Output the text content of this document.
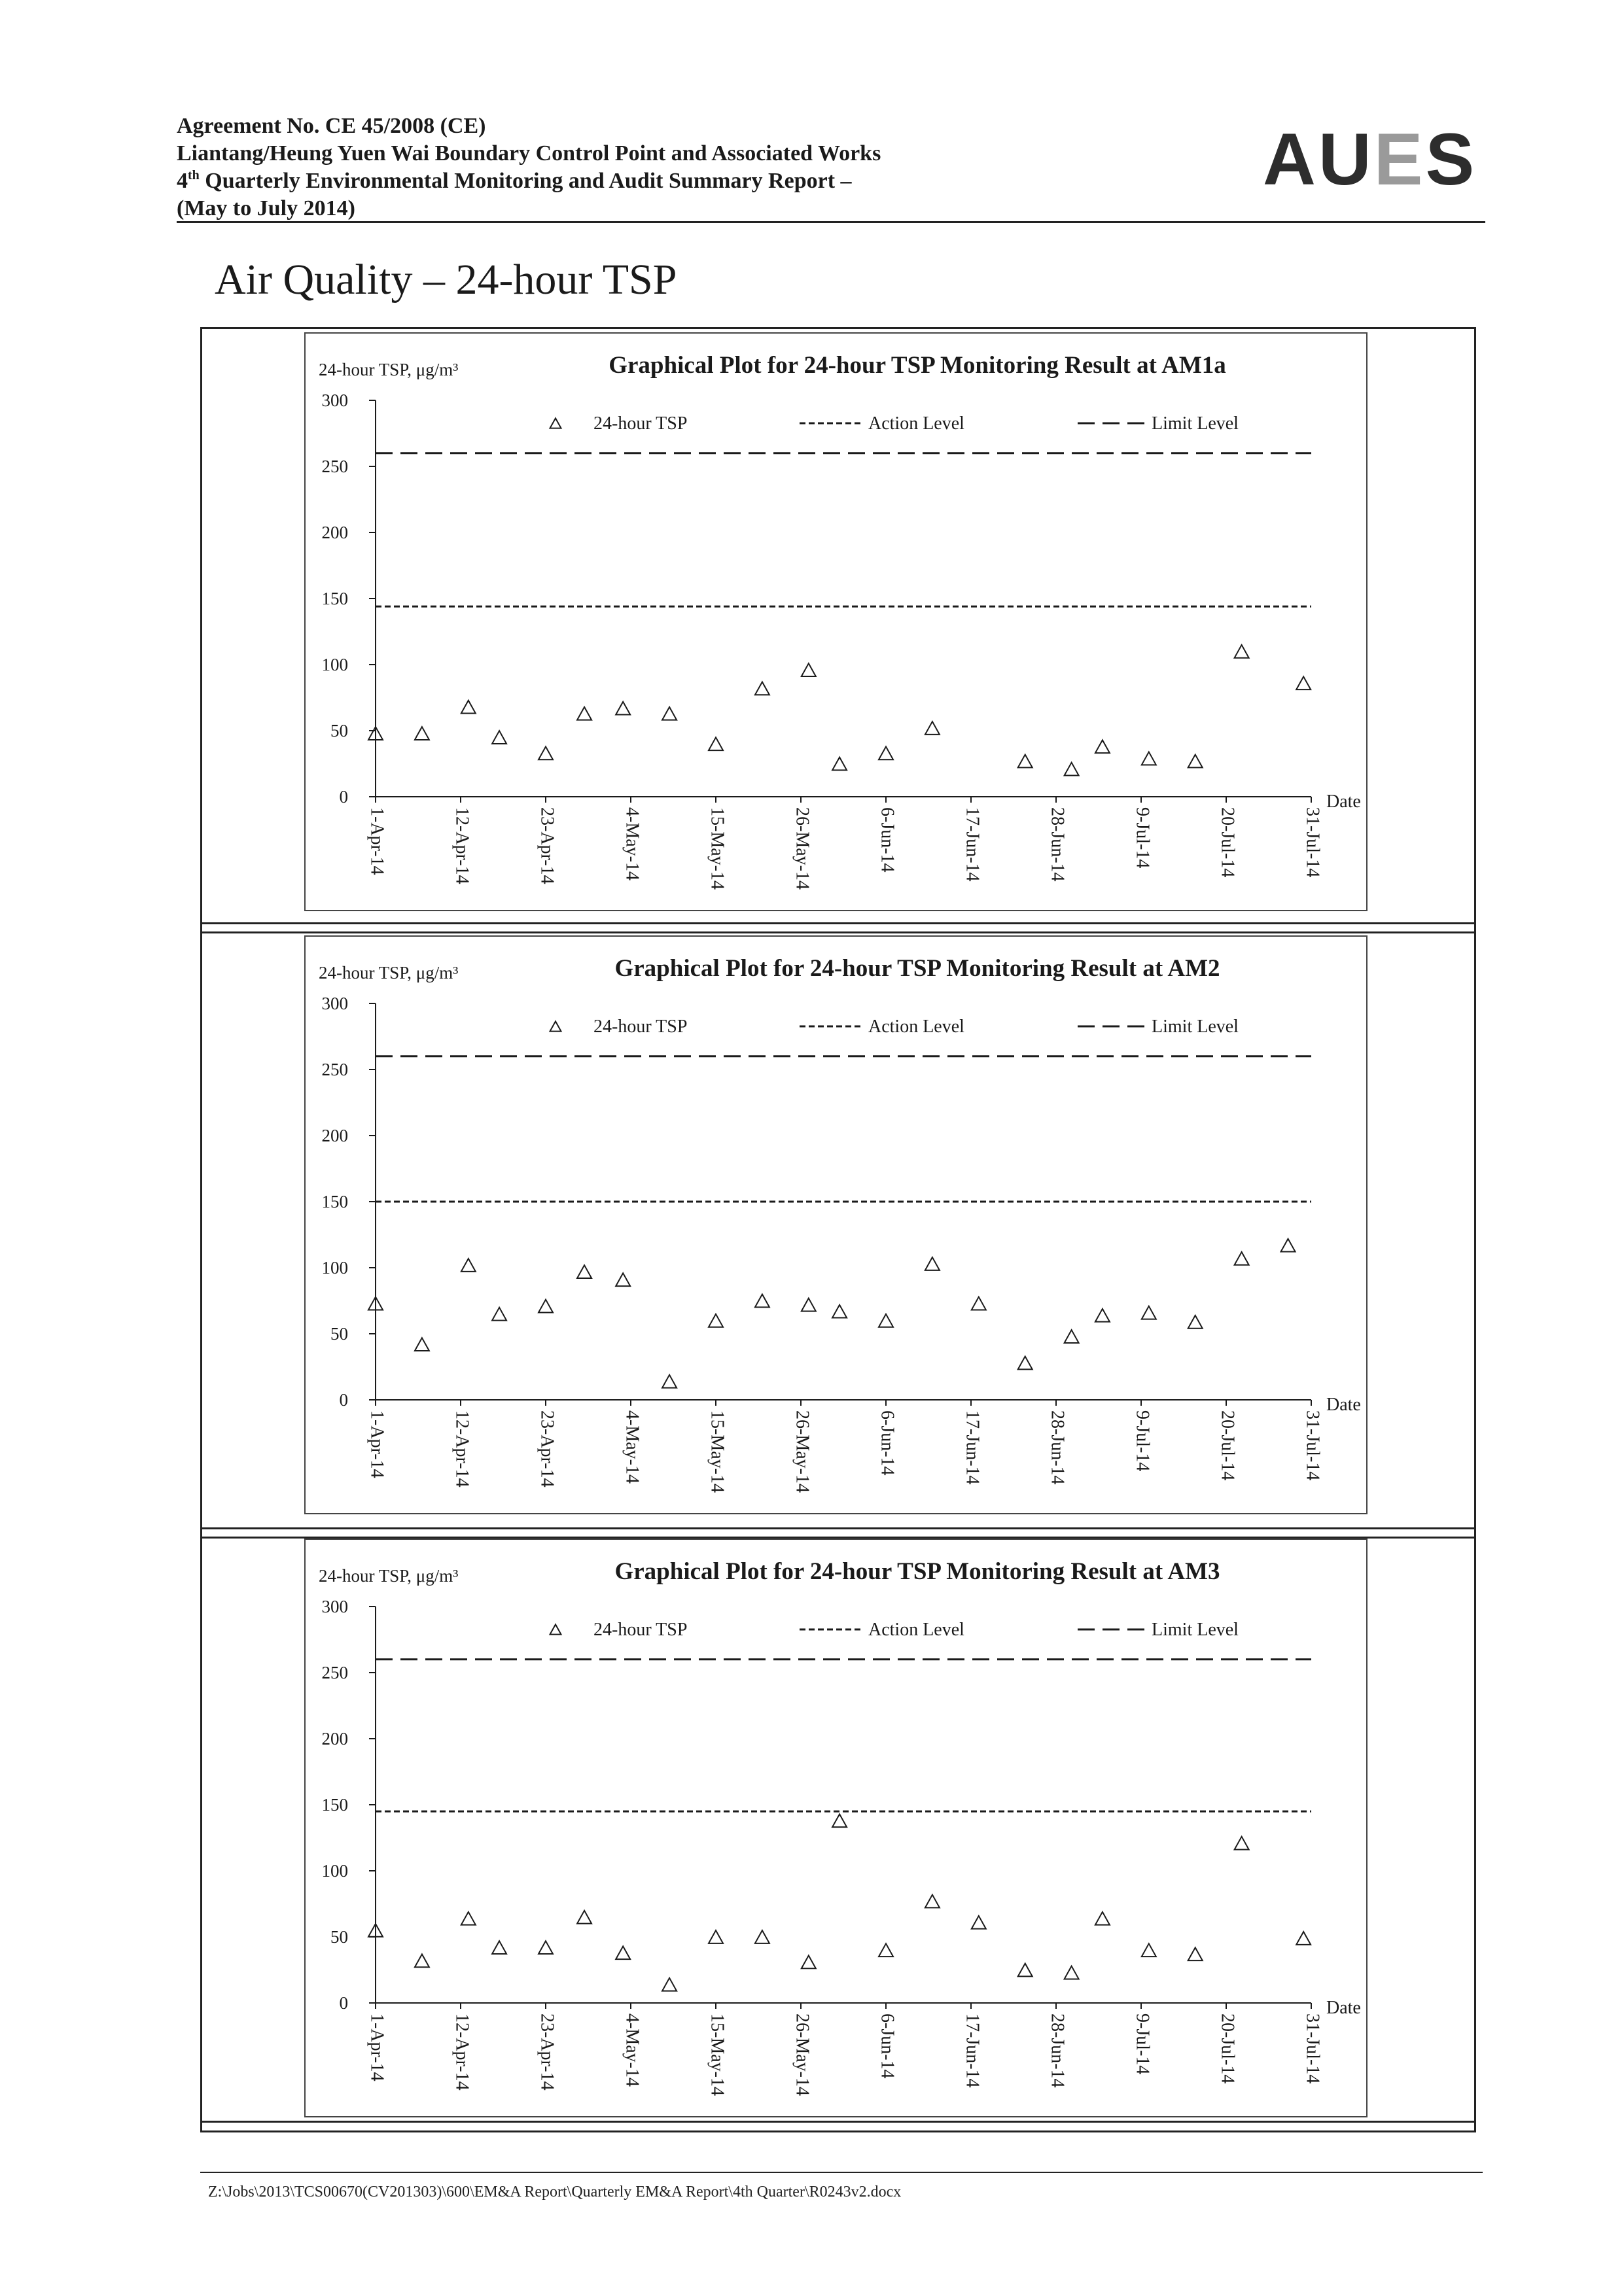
Agreement No. CE 45/2008 (CE)
Liantang/Heung Yuen Wai Boundary Control Point and Associated Works
4th Quarterly Environmental Monitoring and Audit Summary Report –
(May to July 2014)
AUES
Air Quality – 24-hour TSP
Graphical Plot for 24-hour TSP Monitoring Result at AM1a
24-hour TSP, μg/m³
24-hour TSP	Action Level	Limit Level
0
50
100
150
200
250
300
1-Apr-14	12-Apr-14	23-Apr-14	4-May-14	15-May-14	26-May-14	6-Jun-14	17-Jun-14	28-Jun-14	9-Jul-14	20-Jul-14	31-Jul-14
Date
Graphical Plot for 24-hour TSP Monitoring Result at AM2
24-hour TSP, μg/m³
24-hour TSP	Action Level	Limit Level
0
50
100
150
200
250
300
1-Apr-14	12-Apr-14	23-Apr-14	4-May-14	15-May-14	26-May-14	6-Jun-14	17-Jun-14	28-Jun-14	9-Jul-14	20-Jul-14	31-Jul-14
Date
Graphical Plot for 24-hour TSP Monitoring Result at AM3
24-hour TSP, μg/m³
24-hour TSP	Action Level	Limit Level
0
50
100
150
200
250
300
1-Apr-14	12-Apr-14	23-Apr-14	4-May-14	15-May-14	26-May-14	6-Jun-14	17-Jun-14	28-Jun-14	9-Jul-14	20-Jul-14	31-Jul-14
Date
Z:\Jobs\2013\TCS00670(CV201303)\600\EM&A Report\Quarterly EM&A Report\4th Quarter\R0243v2.docx
